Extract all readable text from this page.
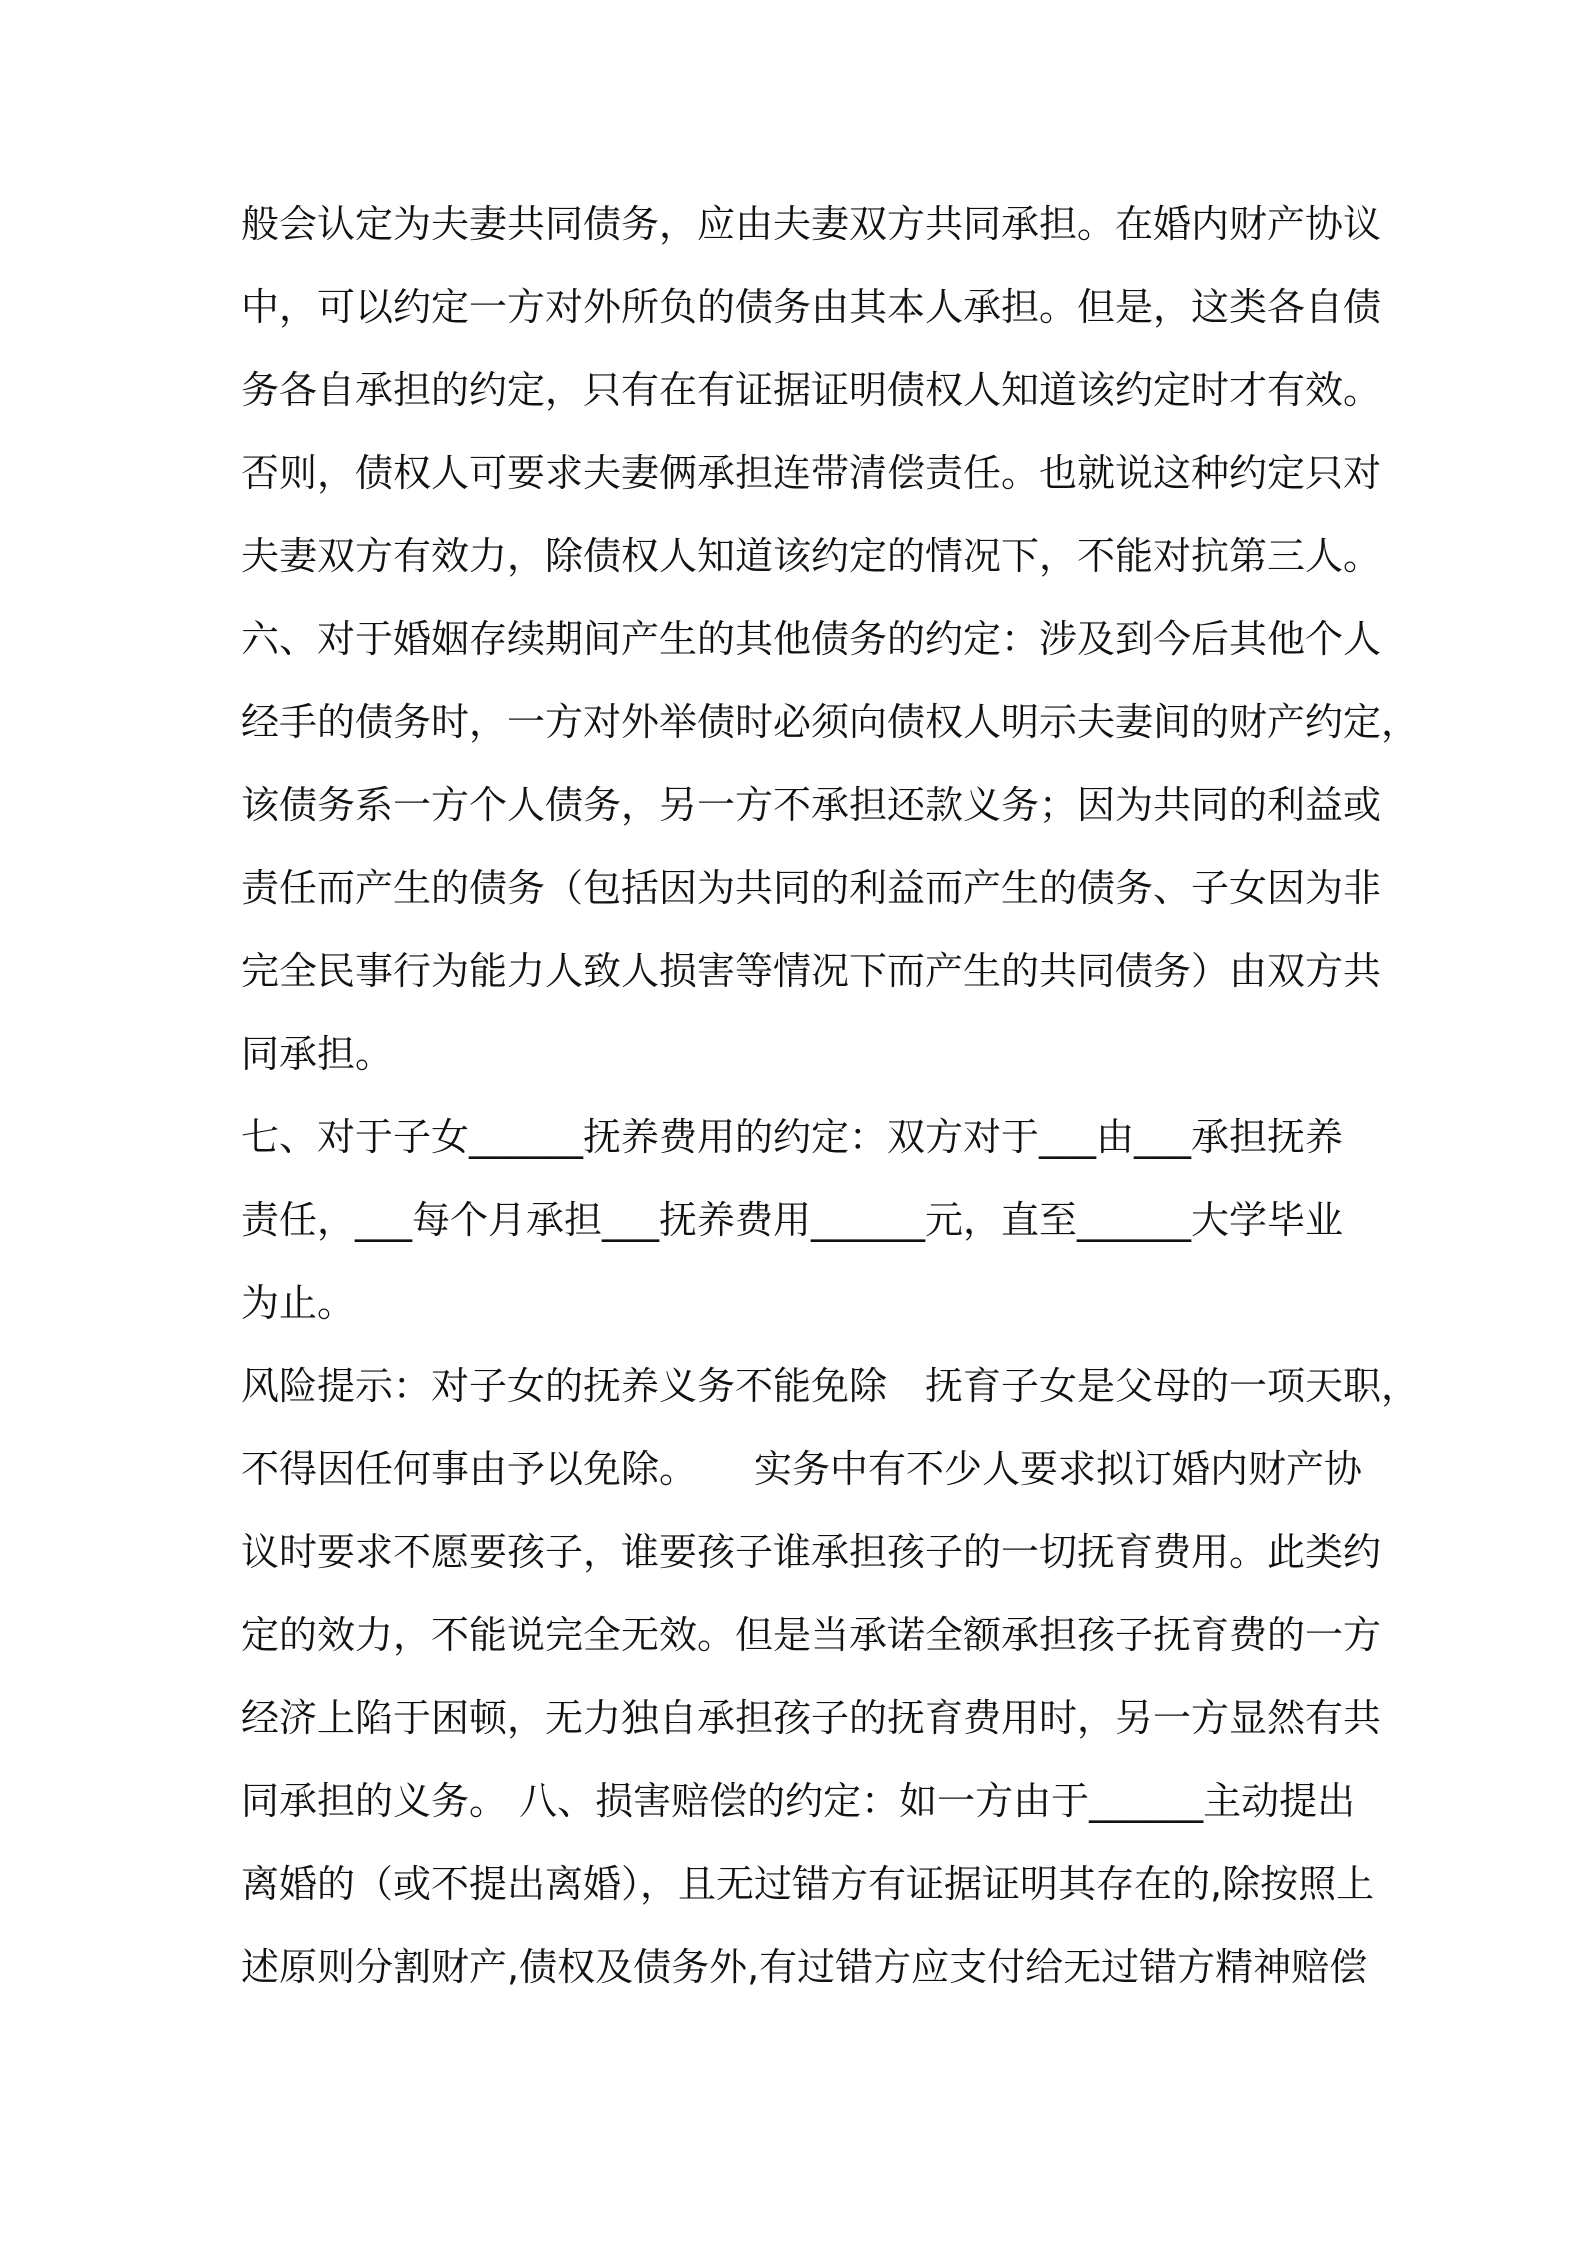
般会认定为夫妻共同债务，应由夫妻双方共同承担。在婚内财产协议
中，可以约定一方对外所负的债务由其本人承担。但是，这类各自债
务各自承担的约定，只有在有证据证明债权人知道该约定时才有效。
否则，债权人可要求夫妻俩承担连带清偿责任。也就说这种约定只对
夫妻双方有效力，除债权人知道该约定的情况下，不能对抗第三人。
六、对于婚姻存续期间产生的其他债务的约定：涉及到今后其他个人
经手的债务时，一方对外举债时必须向债权人明示夫妻间的财产约定，
该债务系一方个人债务，另一方不承担还款义务；因为共同的利益或
责任而产生的债务（包括因为共同的利益而产生的债务、子女因为非
完全民事行为能力人致人损害等情况下而产生的共同债务）由双方共
同承担。
七、对于子女______抚养费用的约定：双方对于___由___承担抚养
责任，___每个月承担___抚养费用______元，直至______大学毕业
为止。
风险提示：对子女的抚养义务不能免除　抚育子女是父母的一项天职，
不得因任何事由予以免除。　　实务中有不少人要求拟订婚内财产协
议时要求不愿要孩子，谁要孩子谁承担孩子的一切抚育费用。此类约
定的效力，不能说完全无效。但是当承诺全额承担孩子抚育费的一方
经济上陷于困顿，无力独自承担孩子的抚育费用时，另一方显然有共
同承担的义务。 八、损害赔偿的约定：如一方由于______主动提出
离婚的（或不提出离婚），且无过错方有证据证明其存在的,除按照上
述原则分割财产,债权及债务外,有过错方应支付给无过错方精神赔偿
